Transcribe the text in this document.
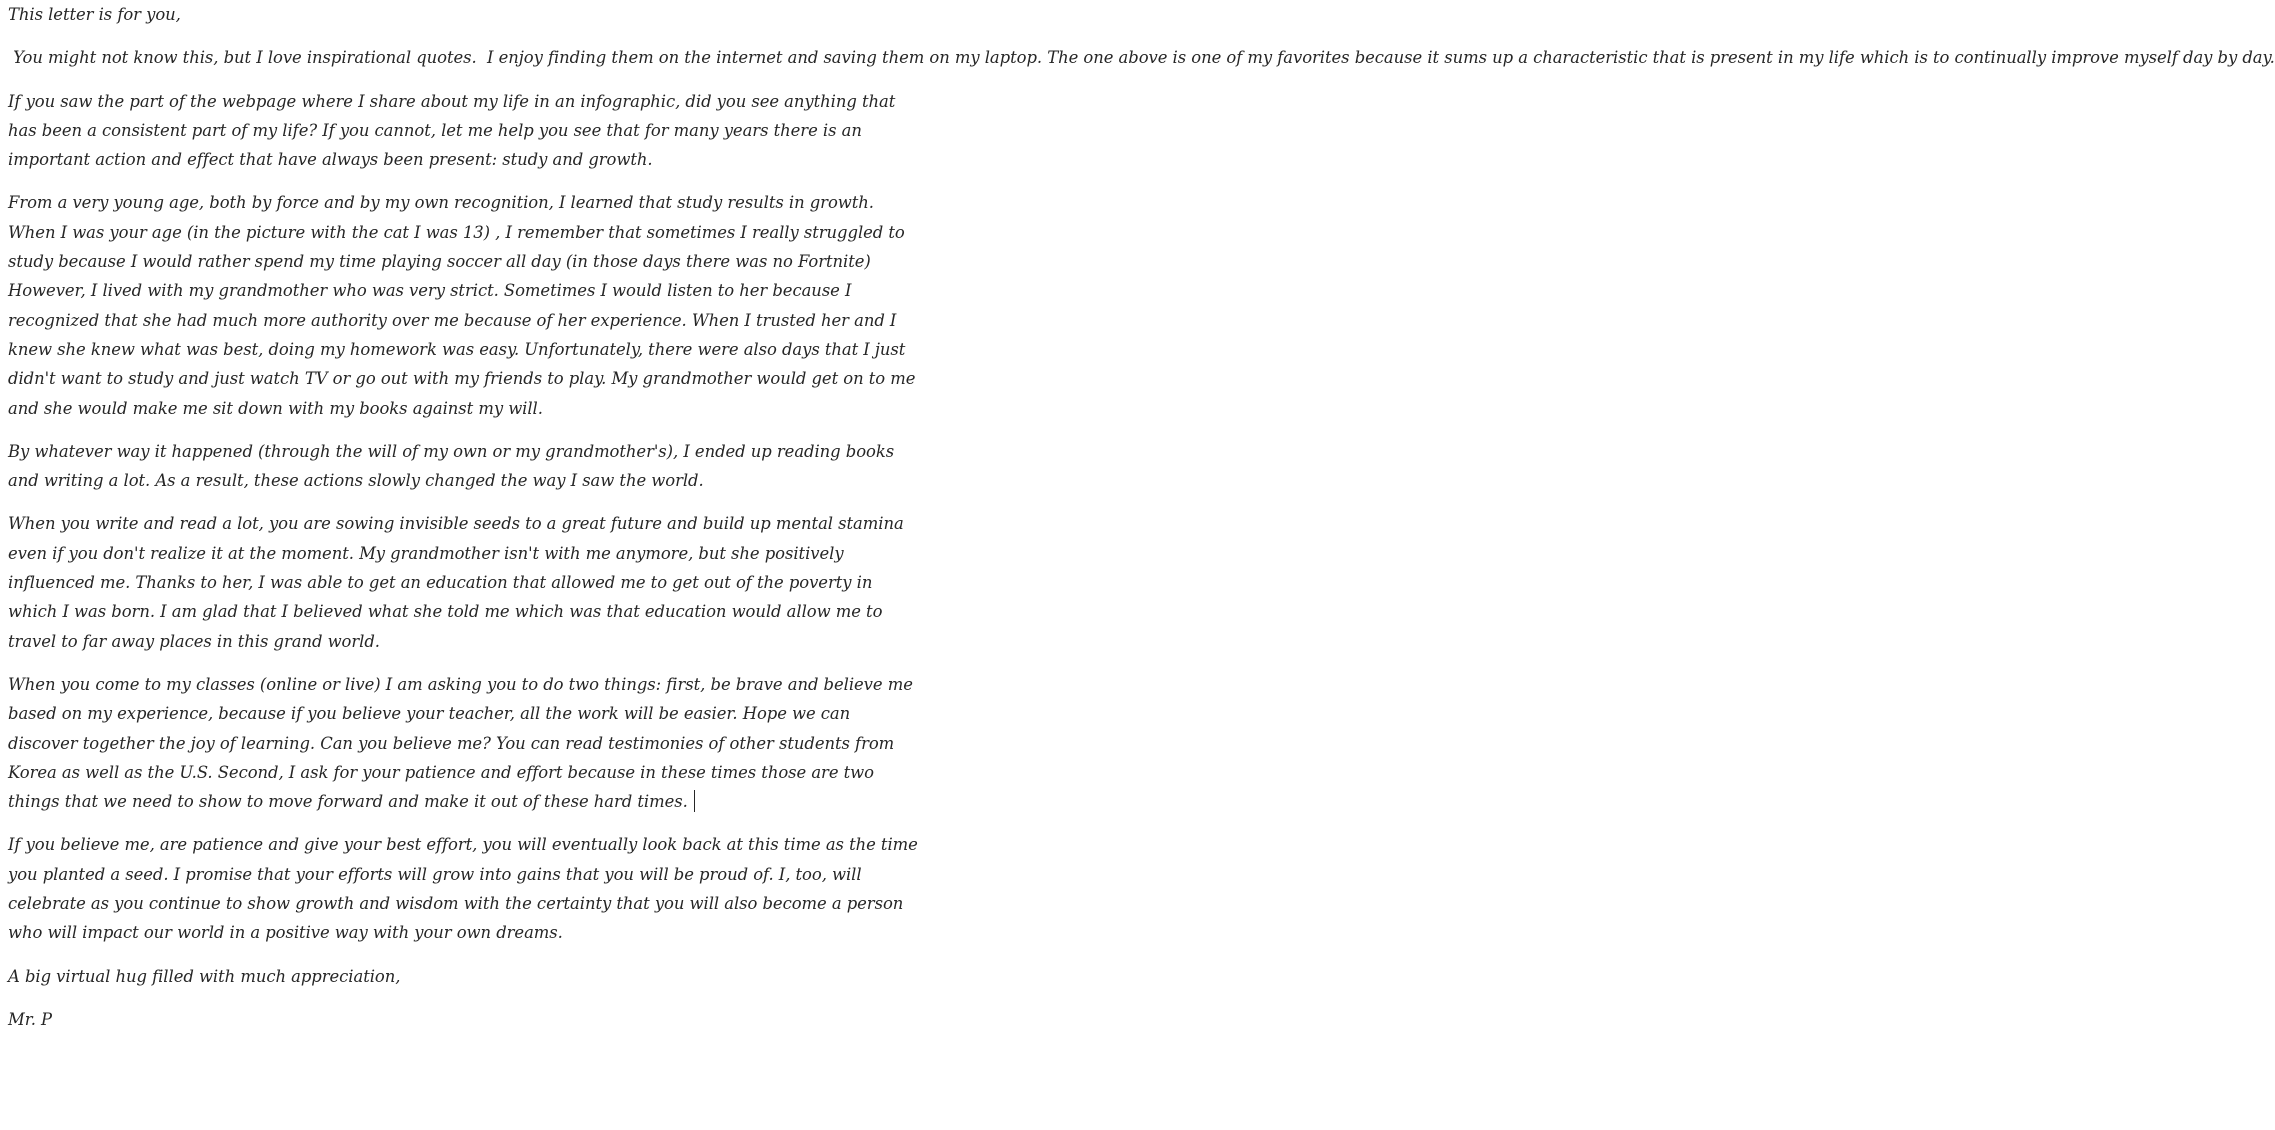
This letter is for you,

You might not know this, but I love inspirational quotes.  I enjoy finding them on the internet and saving them on my laptop. The one above is one of my favorites because it sums up a characteristic that is present in my life which is to continually improve myself day by day.

If you saw the part of the webpage where I share about my life in an infographic, did you see anything that has been a consistent part of my life? If you cannot, let me help you see that for many years there is an important action and effect that have always been present: study and growth.

From a very young age, both by force and by my own recognition, I learned that study results in growth. When I was your age (in the picture with the cat I was 13) , I remember that sometimes I really struggled to study because I would rather spend my time playing soccer all day (in those days there was no Fortnite) However, I lived with my grandmother who was very strict. Sometimes I would listen to her because I recognized that she had much more authority over me because of her experience. When I trusted her and I knew she knew what was best, doing my homework was easy. Unfortunately, there were also days that I just didn't want to study and just watch TV or go out with my friends to play. My grandmother would get on to me and she would make me sit down with my books against my will.

By whatever way it happened (through the will of my own or my grandmother's), I ended up reading books and writing a lot. As a result, these actions slowly changed the way I saw the world.

When you write and read a lot, you are sowing invisible seeds to a great future and build up mental stamina even if you don't realize it at the moment. My grandmother isn't with me anymore, but she positively influenced me. Thanks to her, I was able to get an education that allowed me to get out of the poverty in which I was born. I am glad that I believed what she told me which was that education would allow me to travel to far away places in this grand world.

When you come to my classes (online or live) I am asking you to do two things: first, be brave and believe me based on my experience, because if you believe your teacher, all the work will be easier. Hope we can discover together the joy of learning. Can you believe me? You can read testimonies of other students from Korea as well as the U.S. Second, I ask for your patience and effort because in these times those are two things that we need to show to move forward and make it out of these hard times.

If you believe me, are patience and give your best effort, you will eventually look back at this time as the time you planted a seed. I promise that your efforts will grow into gains that you will be proud of. I, too, will celebrate as you continue to show growth and wisdom with the certainty that you will also become a person who will impact our world in a positive way with your own dreams.

A big virtual hug filled with much appreciation,

Mr. P
